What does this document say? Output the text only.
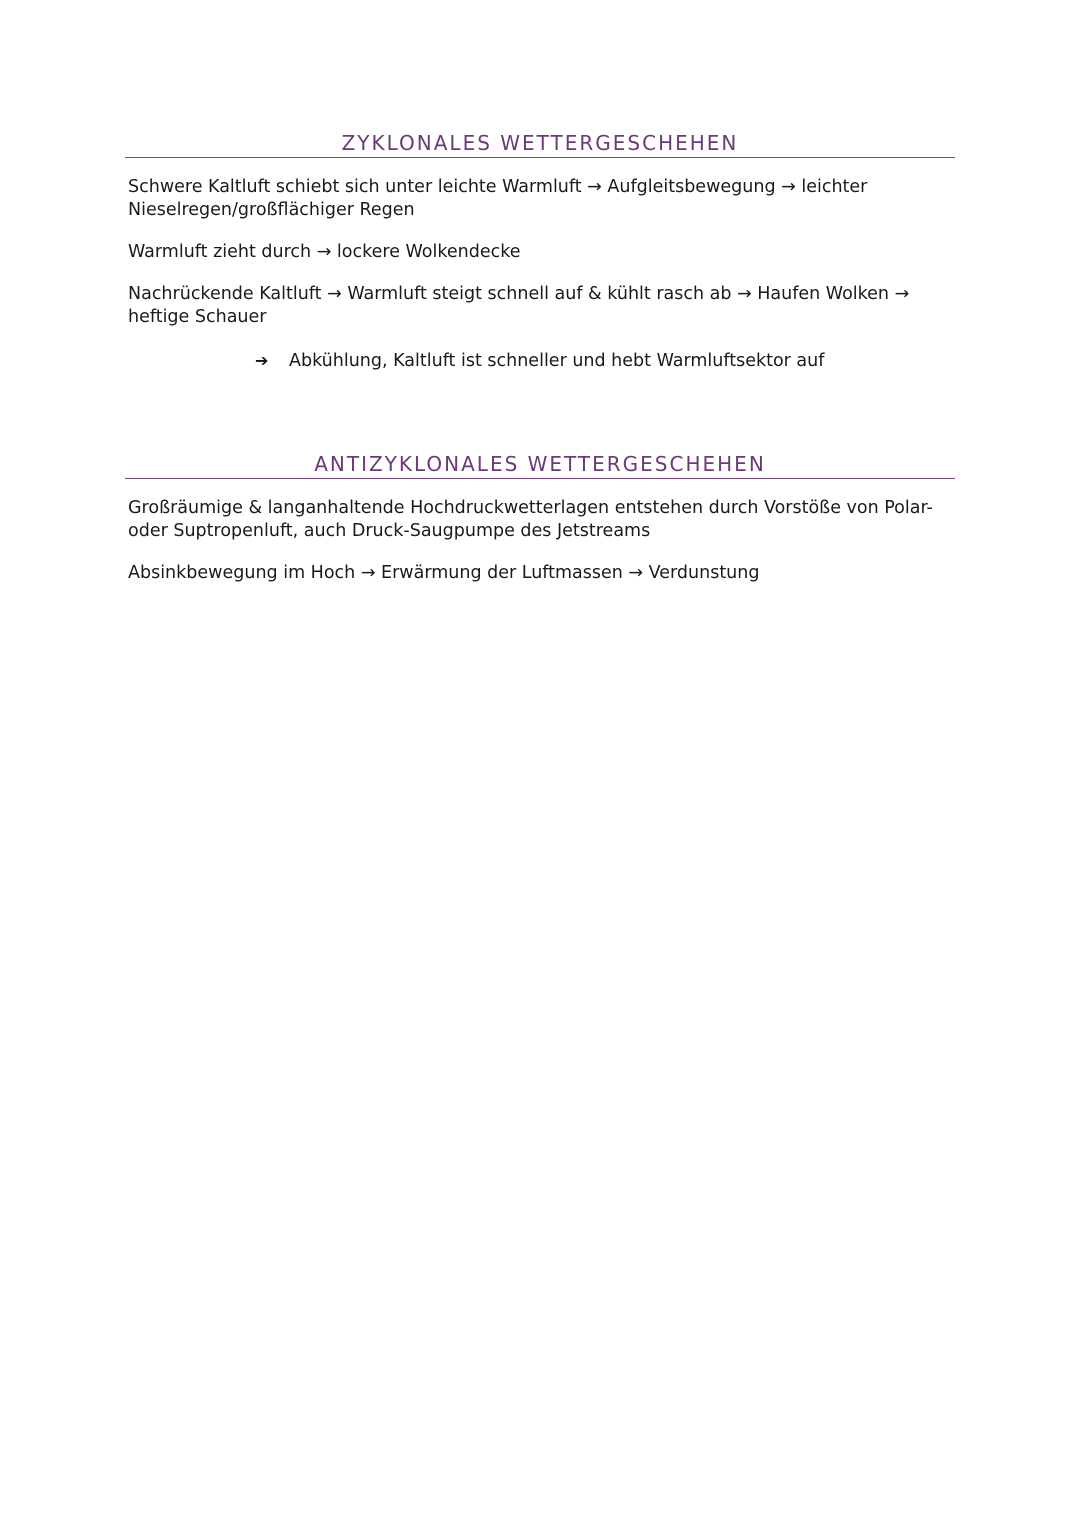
ZYKLONALES WETTERGESCHEHEN

Schwere Kaltluft schiebt sich unter leichte Warmluft → Aufgleitsbewegung → leichter Nieselregen/großflächiger Regen

Warmluft zieht durch → lockere Wolkendecke

Nachrückende Kaltluft → Warmluft steigt schnell auf & kühlt rasch ab → Haufen Wolken → heftige Schauer

➔	Abkühlung, Kaltluft ist schneller und hebt Warmluftsektor auf
ANTIZYKLONALES WETTERGESCHEHEN

Großräumige & langanhaltende Hochdruckwetterlagen entstehen durch Vorstöße von Polar- oder Suptropenluft, auch Druck-Saugpumpe des Jetstreams

Absinkbewegung im Hoch → Erwärmung der Luftmassen → Verdunstung
